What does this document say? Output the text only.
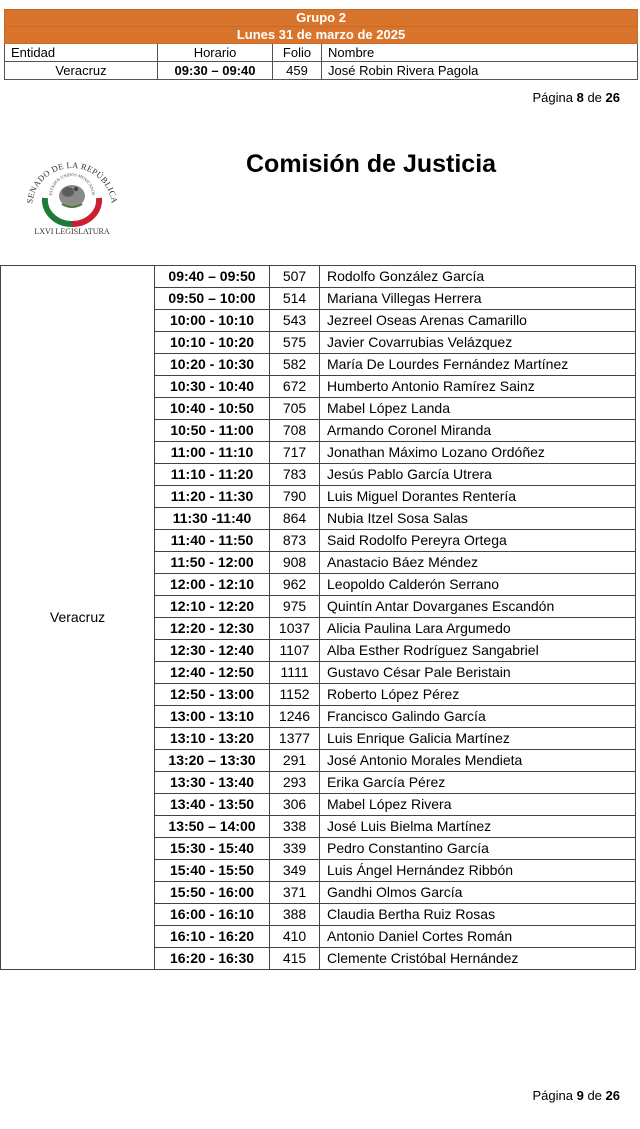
Grupo 2			
Lunes 31 de marzo de 2025			
Entidad	Horario	Folio	Nombre
Veracruz	09:30 – 09:40	459	José Robin Rivera Pagola
Página 8 de 26
SENADO DE LA REPÚBLICA
ESTADOS UNIDOS MEXICANOS
LXVI LEGISLATURA
Comisión de Justicia
Veracruz	09:40 – 09:50	507	Rodolfo González García
	09:50 – 10:00	514	Mariana Villegas Herrera
	10:00 - 10:10	543	Jezreel Oseas Arenas Camarillo
	10:10 - 10:20	575	Javier Covarrubias Velázquez
	10:20 - 10:30	582	María De Lourdes Fernández Martínez
	10:30 - 10:40	672	Humberto Antonio Ramírez Sainz
	10:40 - 10:50	705	Mabel López Landa
	10:50 - 11:00	708	Armando Coronel Miranda
	11:00 - 11:10	717	Jonathan Máximo Lozano Ordóñez
	11:10 - 11:20	783	Jesús Pablo García Utrera
	11:20 - 11:30	790	Luis Miguel Dorantes Rentería
	11:30 -11:40	864	Nubia Itzel Sosa Salas
	11:40 - 11:50	873	Said Rodolfo Pereyra Ortega
	11:50 - 12:00	908	Anastacio Báez Méndez
	12:00 - 12:10	962	Leopoldo Calderón Serrano
	12:10 - 12:20	975	Quintín Antar Dovarganes Escandón
	12:20 - 12:30	1037	Alicia Paulina Lara Argumedo
	12:30 - 12:40	1107	Alba Esther Rodríguez Sangabriel
	12:40 - 12:50	1111	Gustavo César Pale Beristain
	12:50 - 13:00	1152	Roberto López Pérez
	13:00 - 13:10	1246	Francisco Galindo García
	13:10 - 13:20	1377	Luis Enrique Galicia Martínez
	13:20 – 13:30	291	José Antonio Morales Mendieta
	13:30 - 13:40	293	Erika García Pérez
	13:40 - 13:50	306	Mabel López Rivera
	13:50 – 14:00	338	José Luis Bielma Martínez
	15:30 - 15:40	339	Pedro Constantino García
	15:40 - 15:50	349	Luis Ángel Hernández Ribbón
	15:50 - 16:00	371	Gandhi Olmos García
	16:00 - 16:10	388	Claudia Bertha Ruiz Rosas
	16:10 - 16:20	410	Antonio Daniel Cortes Román
	16:20 - 16:30	415	Clemente Cristóbal Hernández
Página 9 de 26
